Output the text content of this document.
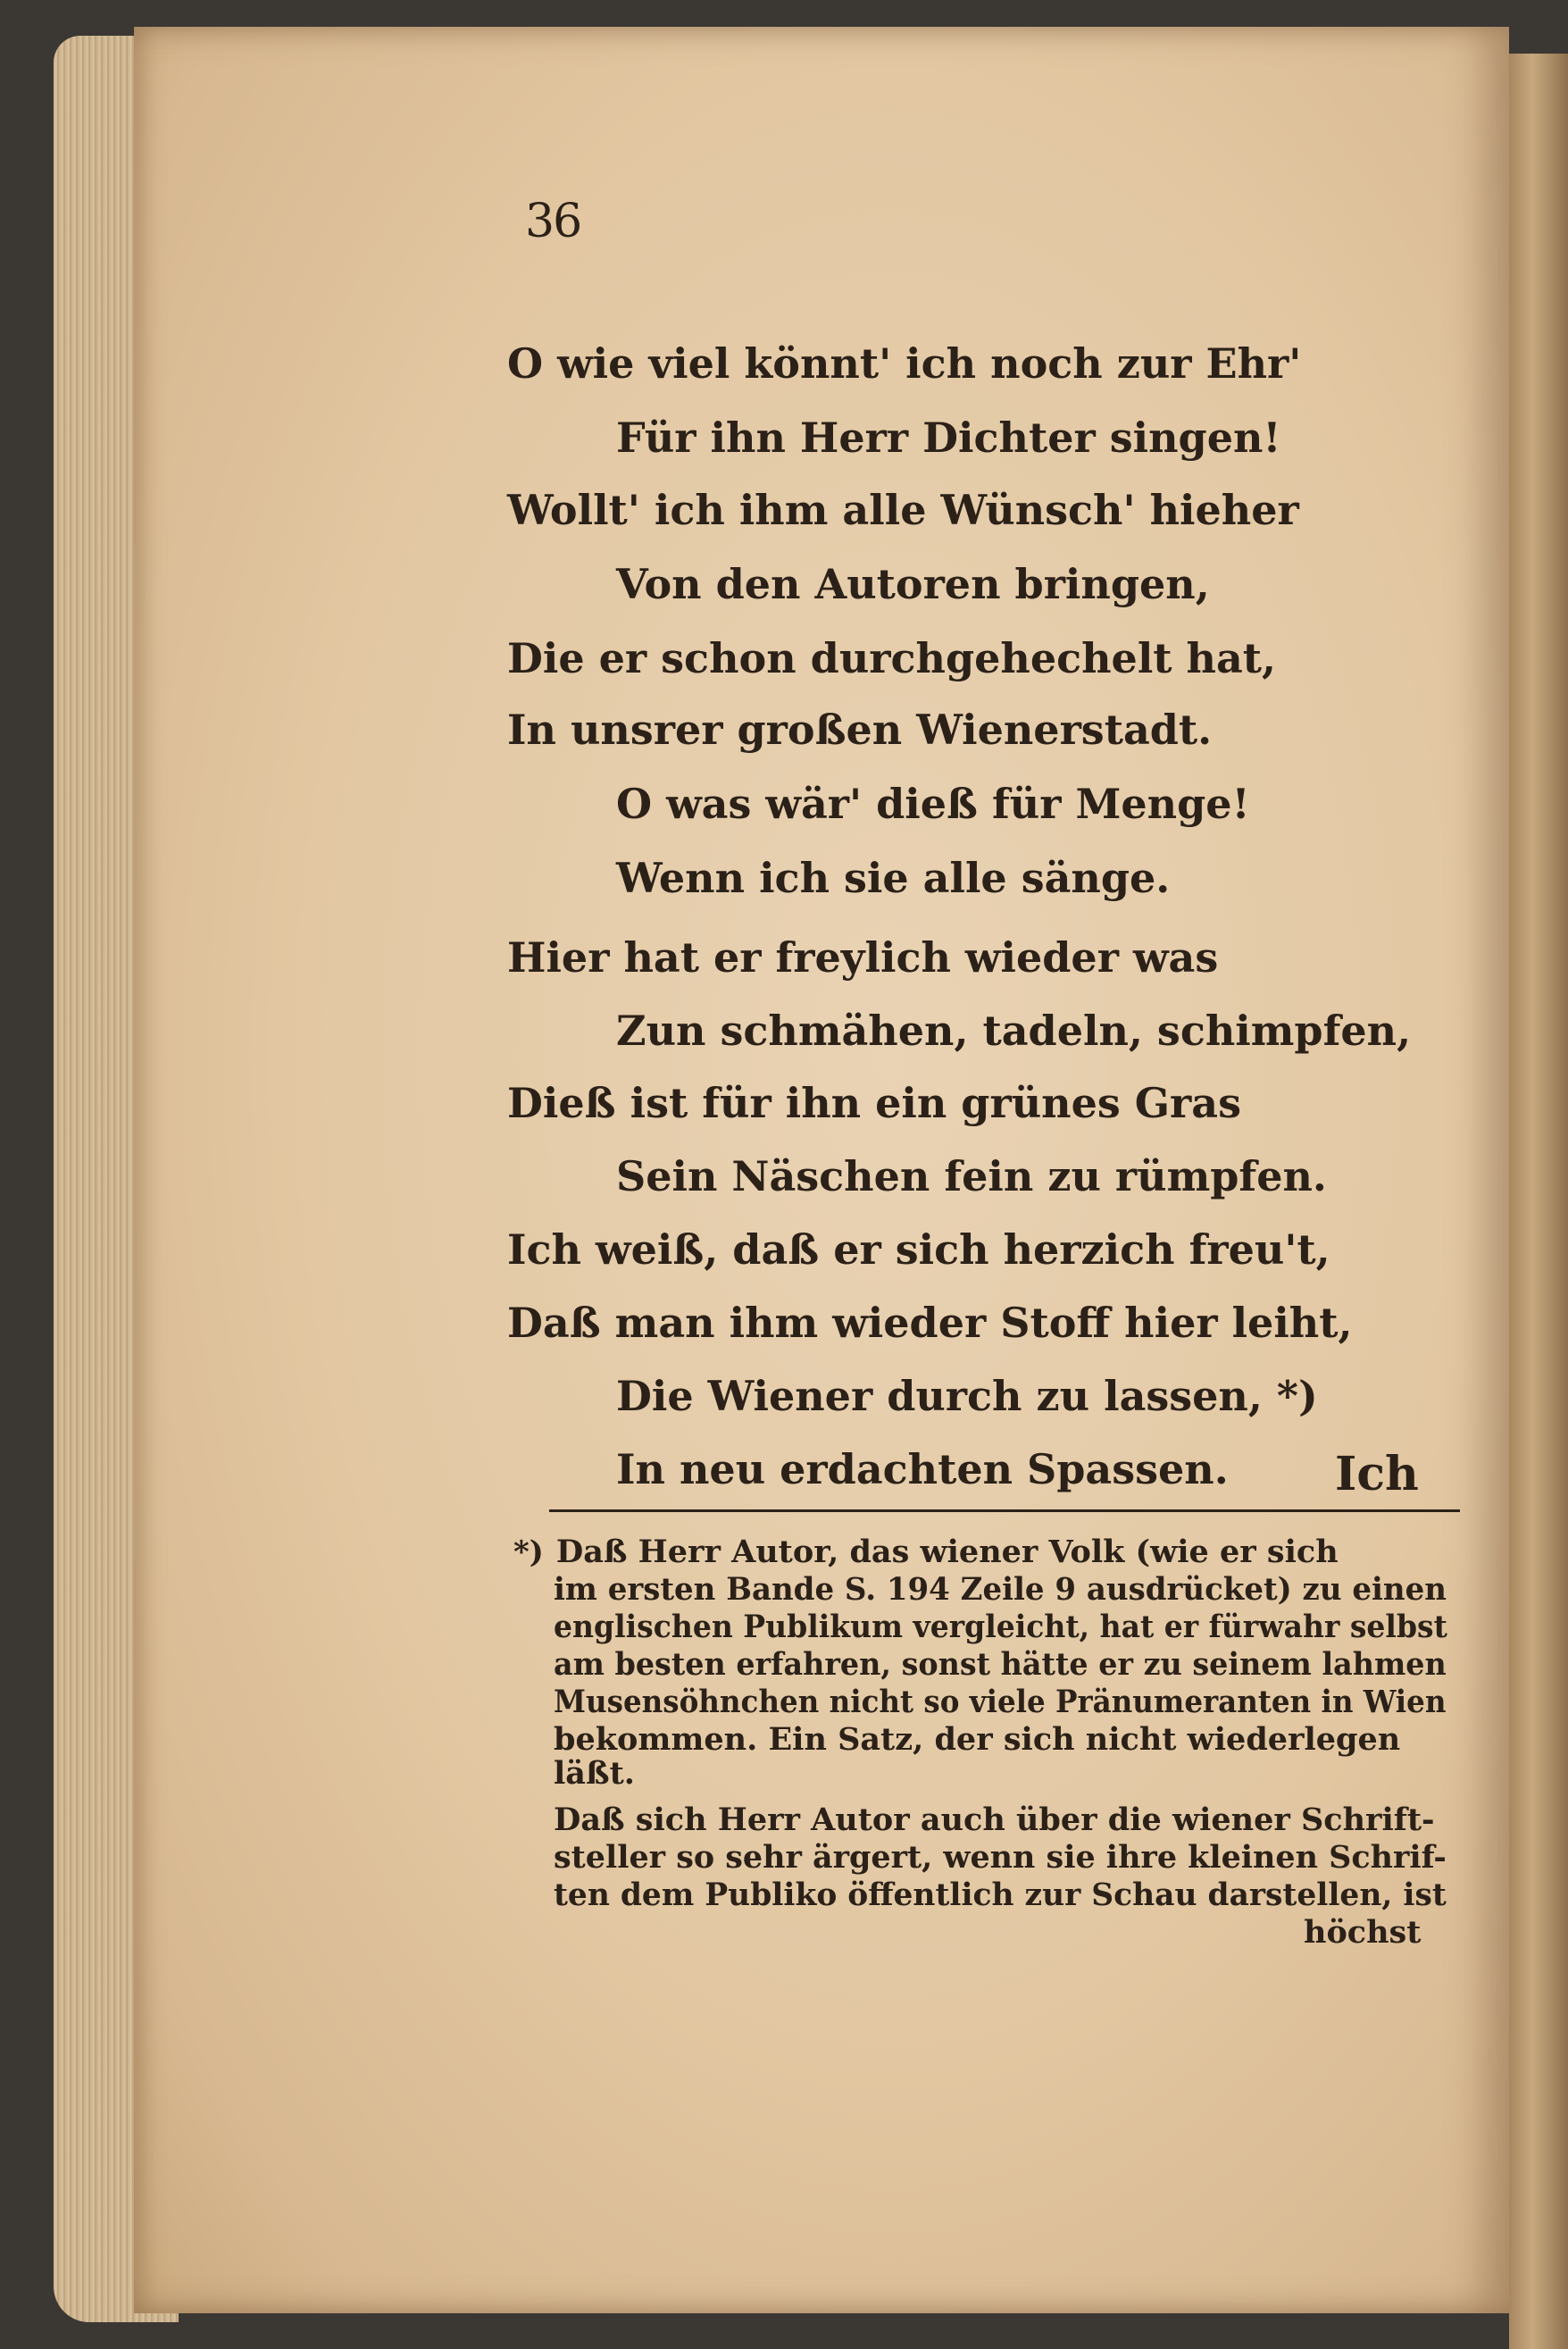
36
O wie viel könnt' ich noch zur Ehr'
Für ihn Herr Dichter singen!
Wollt' ich ihm alle Wünsch' hieher
Von den Autoren bringen,
Die er schon durchgehechelt hat,
In unsrer großen Wienerstadt.
O was wär' dieß für Menge!
Wenn ich sie alle sänge.
Hier hat er freylich wieder was
Zun schmähen, tadeln, schimpfen,
Dieß ist für ihn ein grünes Gras
Sein Näschen fein zu rümpfen.
Ich weiß, daß er sich herzich freu't,
Daß man ihm wieder Stoff hier leiht,
Die Wiener durch zu lassen, *)
In neu erdachten Spassen. Ich
*) Daß Herr Autor, das wiener Volk (wie er sich
im ersten Bande S. 194 Zeile 9 ausdrücket) zu einen
englischen Publikum vergleicht, hat er fürwahr selbst
am besten erfahren, sonst hätte er zu seinem lahmen
Musensöhnchen nicht so viele Pränumeranten in Wien
bekommen. Ein Satz, der sich nicht wiederlegen
läßt.
Daß sich Herr Autor auch über die wiener Schrift-
steller so sehr ärgert, wenn sie ihre kleinen Schrif-
ten dem Publiko öffentlich zur Schau darstellen, ist
höchst
